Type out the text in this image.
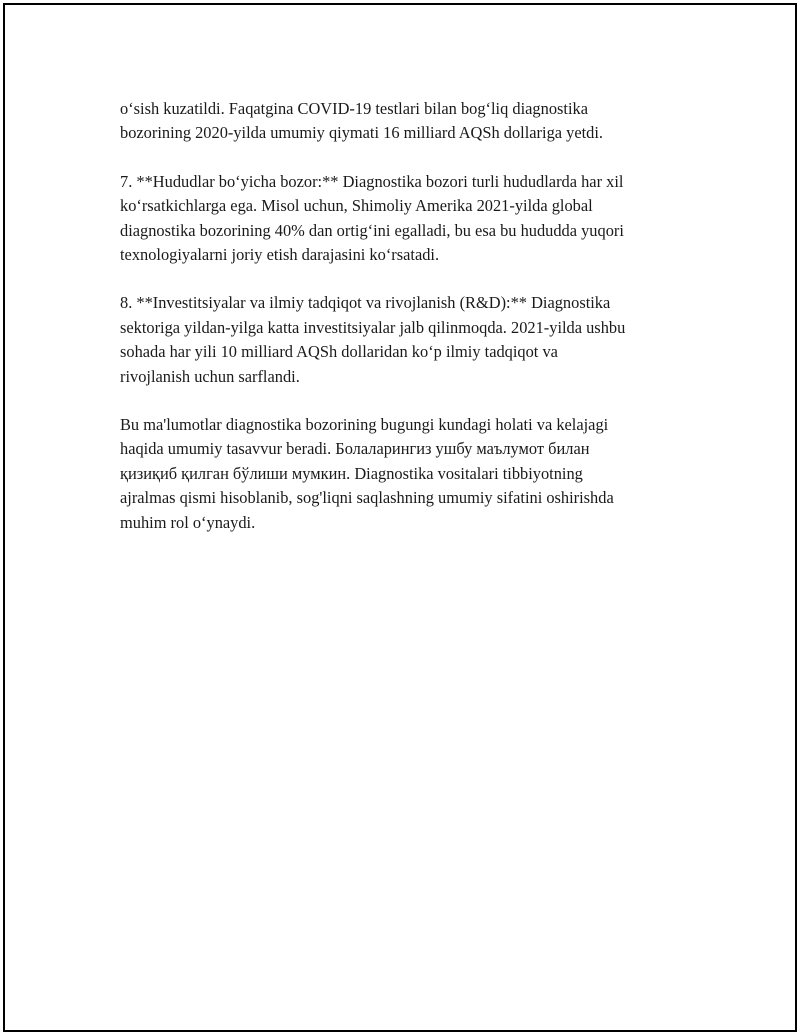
o‘sish kuzatildi. Faqatgina COVID-19 testlari bilan bog‘liq diagnostika
bozorining 2020-yilda umumiy qiymati 16 milliard AQSh dollariga yetdi.

7. **Hududlar bo‘yicha bozor:** Diagnostika bozori turli hududlarda har xil
ko‘rsatkichlarga ega. Misol uchun, Shimoliy Amerika 2021-yilda global
diagnostika bozorining 40% dan ortig‘ini egalladi, bu esa bu hududda yuqori
texnologiyalarni joriy etish darajasini ko‘rsatadi.

8. **Investitsiyalar va ilmiy tadqiqot va rivojlanish (R&D):** Diagnostika
sektoriga yildan-yilga katta investitsiyalar jalb qilinmoqda. 2021-yilda ushbu
sohada har yili 10 milliard AQSh dollaridan ko‘p ilmiy tadqiqot va
rivojlanish uchun sarflandi.

Bu ma'lumotlar diagnostika bozorining bugungi kundagi holati va kelajagi
haqida umumiy tasavvur beradi. Болаларингиз ушбу маълумот билан
қизиқиб қилган бўлиши мумкин. Diagnostika vositalari tibbiyotning
ajralmas qismi hisoblanib, sog'liqni saqlashning umumiy sifatini oshirishda
muhim rol o‘ynaydi.
